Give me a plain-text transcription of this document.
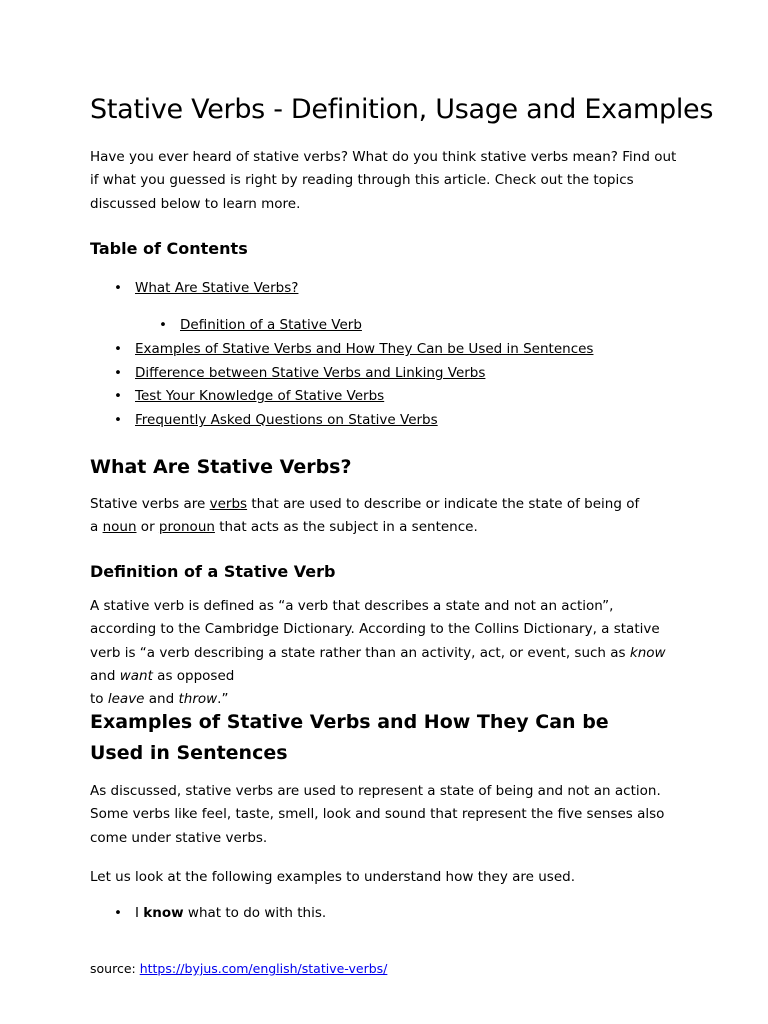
Stative Verbs - Definition, Usage and Examples

Have you ever heard of stative verbs? What do you think stative verbs mean? Find out if what you guessed is right by reading through this article. Check out the topics discussed below to learn more.

Table of Contents
• What Are Stative Verbs?
• Definition of a Stative Verb
• Examples of Stative Verbs and How They Can be Used in Sentences
• Difference between Stative Verbs and Linking Verbs
• Test Your Knowledge of Stative Verbs
• Frequently Asked Questions on Stative Verbs
What Are Stative Verbs?

Stative verbs are verbs that are used to describe or indicate the state of being of
a noun or pronoun that acts as the subject in a sentence.

Definition of a Stative Verb

A stative verb is defined as “a verb that describes a state and not an action”, according to the Cambridge Dictionary. According to the Collins Dictionary, a stative verb is “a verb describing a state rather than an activity, act, or event, such as know and want as opposed
to leave and throw.”

Examples of Stative Verbs and How They Can be Used in Sentences

As discussed, stative verbs are used to represent a state of being and not an action. Some verbs like feel, taste, smell, look and sound that represent the five senses also come under stative verbs.

Let us look at the following examples to understand how they are used.

• I know what to do with this.

source: https://byjus.com/english/stative-verbs/
